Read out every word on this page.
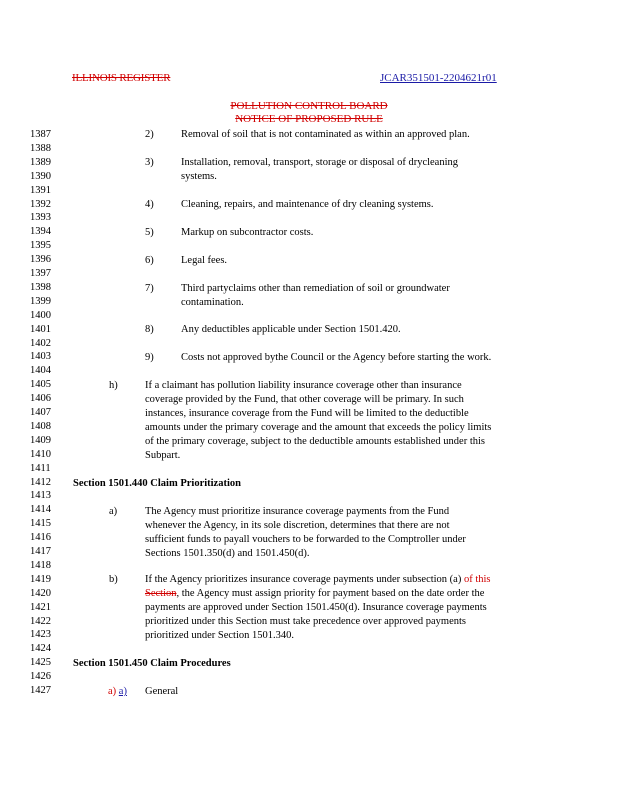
ILLINOIS REGISTER	JCAR351501-2204621r01
POLLUTION CONTROL BOARD
NOTICE OF PROPOSED RULE
1387
1388
1389
1390
1391
1392
1393
1394
1395
1396
1397
1398
1399
1400
1401
1402
1403
1404
1405
1406
1407
1408
1409
1410
1411
1412
1413
1414
1415
1416
1417
1418
1419
1420
1421
1422
1423
1424
1425
1426
1427
2)	Removal of soil that is not contaminated as within an approved plan.
3)	Installation, removal, transport, storage or disposal of drycleaning
systems.
4)	Cleaning, repairs, and maintenance of dry cleaning systems.
5)	Markup on subcontractor costs.
6)	Legal fees.
7)	Third partyclaims other than remediation of soil or groundwater
contamination.
8)	Any deductibles applicable under Section 1501.420.
9)	Costs not approved bythe Council or the Agency before starting the work.
h)	If a claimant has pollution liability insurance coverage other than insurance
coverage provided by the Fund, that other coverage will be primary. In such
instances, insurance coverage from the Fund will be limited to the deductible
amounts under the primary coverage and the amount that exceeds the policy limits
of the primary coverage, subject to the deductible amounts established under this
Subpart.
Section 1501.440 Claim Prioritization
a)	The Agency must prioritize insurance coverage payments from the Fund
whenever the Agency, in its sole discretion, determines that there are not
sufficient funds to payall vouchers to be forwarded to the Comptroller under
Sections 1501.350(d) and 1501.450(d).
b)	If the Agency prioritizes insurance coverage payments under subsection (a) of this
Section, the Agency must assign priority for payment based on the date order the
payments are approved under Section 1501.450(d). Insurance coverage payments
prioritized under this Section must take precedence over approved payments
prioritized under Section 1501.340.
Section 1501.450 Claim Procedures
a) a) General
